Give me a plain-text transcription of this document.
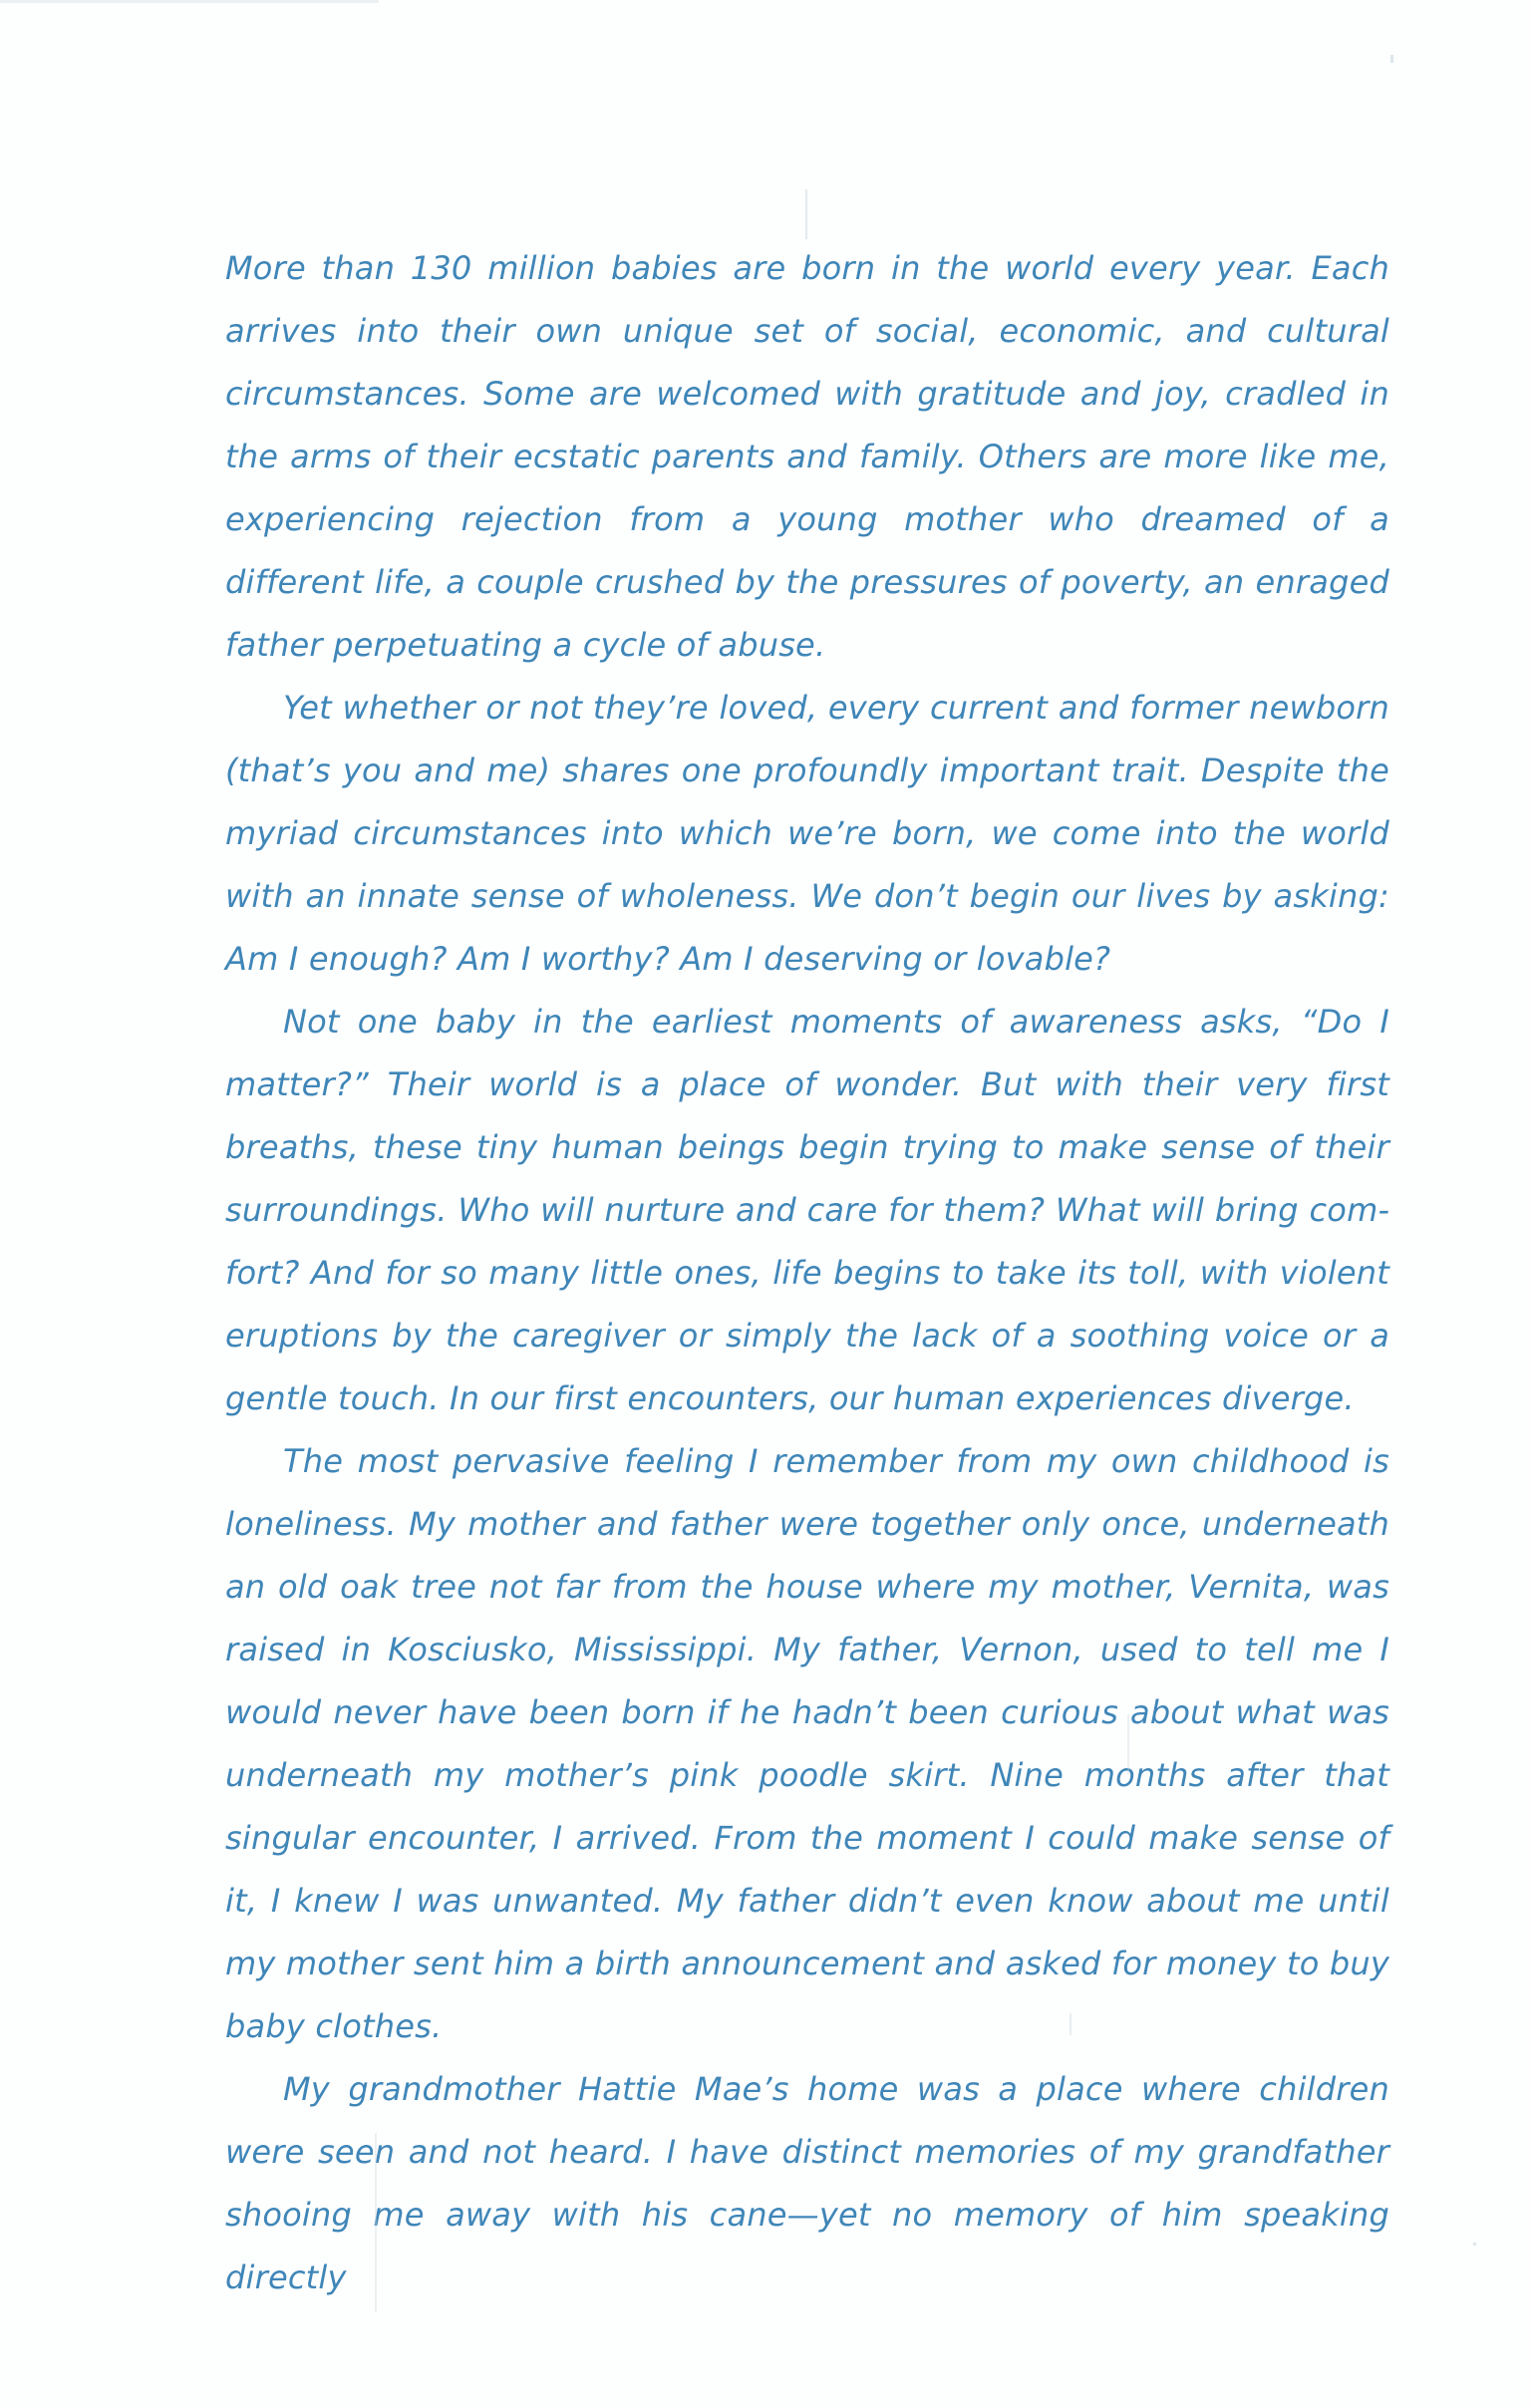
More than 130 million babies are born in the world every year. Each arrives into their own unique set of social, economic, and cultural circumstances. Some are welcomed with gratitude and joy, cradled in the arms of their ecstatic parents and family. Others are more like me, experiencing rejection from a young mother who dreamed of a different life, a couple crushed by the pressures of poverty, an enraged father perpetuating a cycle of abuse.

Yet whether or not they’re loved, every current and former newborn (that’s you and me) shares one profoundly important trait. Despite the myriad circumstances into which we’re born, we come into the world with an innate sense of wholeness. We don’t begin our lives by asking: Am I enough? Am I worthy? Am I deserving or lovable?

Not one baby in the earliest moments of awareness asks, “Do I matter?” Their world is a place of wonder. But with their very first breaths, these tiny human beings begin trying to make sense of their surroundings. Who will nurture and care for them? What will bring comfort? And for so many little ones, life begins to take its toll, with violent eruptions by the caregiver or simply the lack of a soothing voice or a gentle touch. In our first encounters, our human experiences diverge.

The most pervasive feeling I remember from my own childhood is loneliness. My mother and father were together only once, underneath an old oak tree not far from the house where my mother, Vernita, was raised in Kosciusko, Mississippi. My father, Vernon, used to tell me I would never have been born if he hadn’t been curious about what was underneath my mother’s pink poodle skirt. Nine months after that singular encounter, I arrived. From the moment I could make sense of it, I knew I was unwanted. My father didn’t even know about me until my mother sent him a birth announcement and asked for money to buy baby clothes.

My grandmother Hattie Mae’s home was a place where children were seen and not heard. I have distinct memories of my grandfather shooing me away with his cane—yet no memory of him speaking directly
